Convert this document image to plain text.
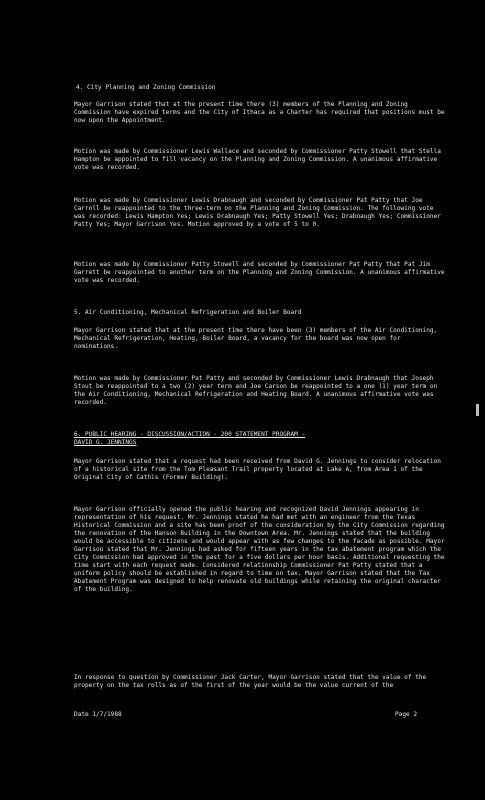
4. City Planning and Zoning Commission

Mayor Garrison stated that at the present time there (3) members of the Planning and Zoning Commission have expired terms and the City of Ithaca as a Charter has required that positions must be now upon the Appointment.

Motion was made by Commissioner Lewis Wallace and seconded by Commissioner Patty Stowell that Stella Hampton be appointed to fill vacancy on the Planning and Zoning Commission. A unanimous affirmative vote was recorded.

Motion was made by Commissioner Lewis Drabnaugh and seconded by Commissioner Pat Patty that Joe Carroll be reappointed to the three-term on the Planning and Zoning Commission. The following vote was recorded: Lewis Hampton Yes; Lewis Drabnaugh Yes; Patty Stowell Yes; Drabnaugh Yes; Commissioner Patty Yes; Mayor Garrison Yes. Motion approved by a vote of 5 to 0.

Motion was made by Commissioner Patty Stowell and seconded by Commissioner Pat Patty that Pat Jim Garrett be reappointed to another term on the Planning and Zoning Commission. A unanimous affirmative vote was recorded.

5. Air Conditioning, Mechanical Refrigeration and Boiler Board

Mayor Garrison stated that at the present time there have been (3) members of the Air Conditioning, Mechanical Refrigeration, Heating, Boiler Board, a vacancy for the board was now open for nominations.

Motion was made by Commissioner Pat Patty and seconded by Commissioner Lewis Drabnaugh that Joseph Stout be reappointed to a two (2) year term and Joe Carson be reappointed to a one (1) year term on the Air Conditioning, Mechanical Refrigeration and Heating Board. A unanimous affirmative vote was recorded.

6. PUBLIC HEARING - DISCUSSION/ACTION - 200 STATEMENT PROGRAM -

DAVID G. JENNINGS

Mayor Garrison stated that a request had been received from David G. Jennings to consider relocation of a historical site from the Tom Pleasant Trail property located at Lake A, from Area 1 of the Original City of Cathis (Former Building).

Mayor Garrison officially opened the public hearing and recognized David Jennings appearing in representation of his request. Mr. Jennings stated he had met with an engineer from the Texas Historical Commission and a site has been proof of the consideration by the City Commission regarding the renovation of the Hanson Building in the Downtown Area. Mr. Jennings stated that the building would be accessible to citizens and would appear with as few changes to the facade as possible. Mayor Garrison stated that Mr. Jennings had asked for fifteen years in the tax abatement program which the City Commission had approved in the past for a five dollars per hour basis. Additional requesting the time start with each request made. Considered relationship Commissioner Pat Patty stated that a uniform policy should be established in regard to time on tax. Mayor Garrison stated that the Tax Abatement Program was designed to help renovate old buildings while retaining the original character of the building.

In response to question by Commissioner Jack Carter, Mayor Garrison stated that the value of the property on the tax rolls as of the first of the year would be the value current of the

Date 1/7/1988	Page 2
